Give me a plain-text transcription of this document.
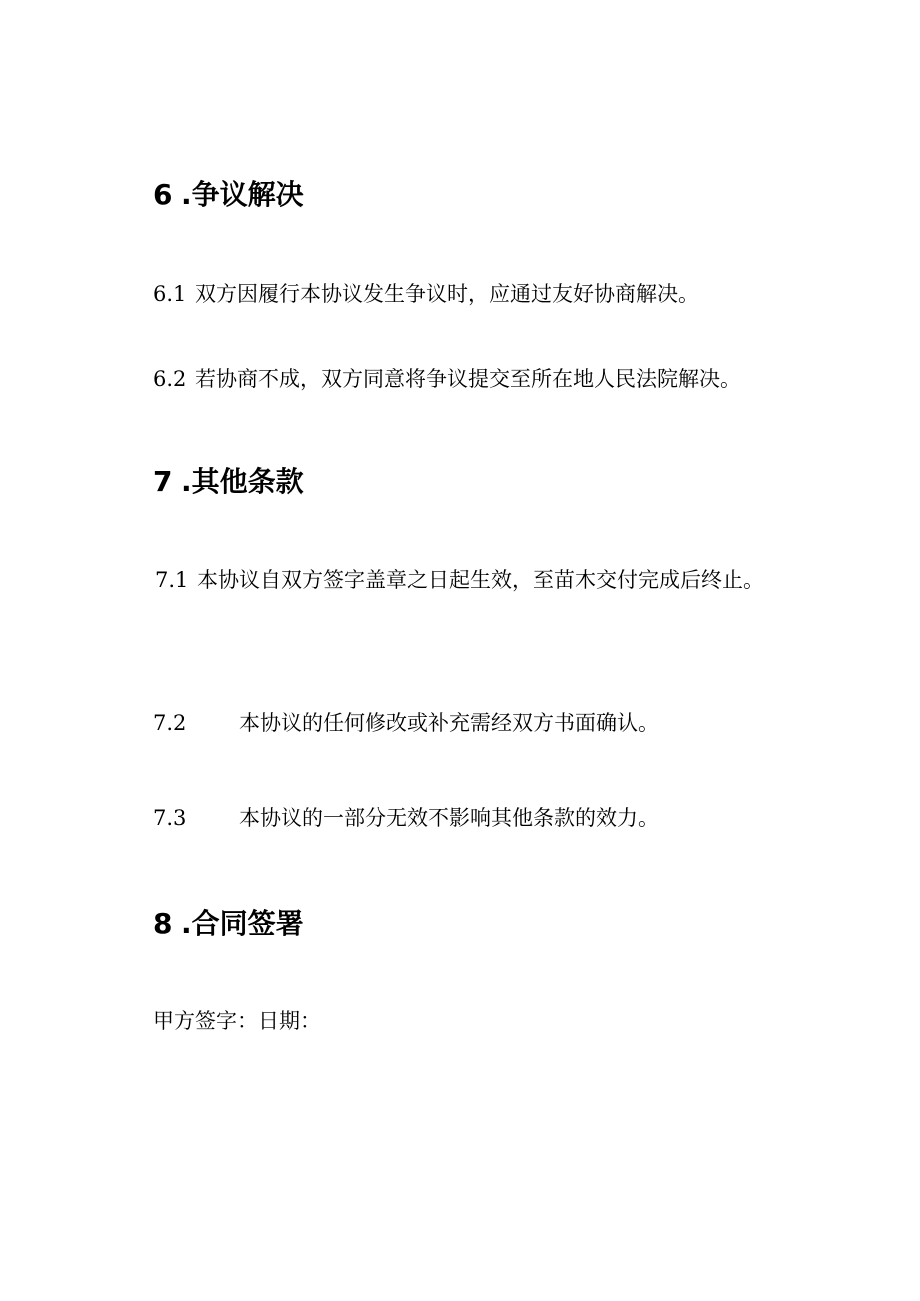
6 .争议解决

6.1 双方因履行本协议发生争议时，应通过友好协商解决。

6.2 若协商不成，双方同意将争议提交至所在地人民法院解决。

7 .其他条款

7.1 本协议自双方签字盖章之日起生效，至苗木交付完成后终止。

7.2	本协议的任何修改或补充需经双方书面确认。

7.3	本协议的一部分无效不影响其他条款的效力。

8 .合同签署

甲方签字：日期：
